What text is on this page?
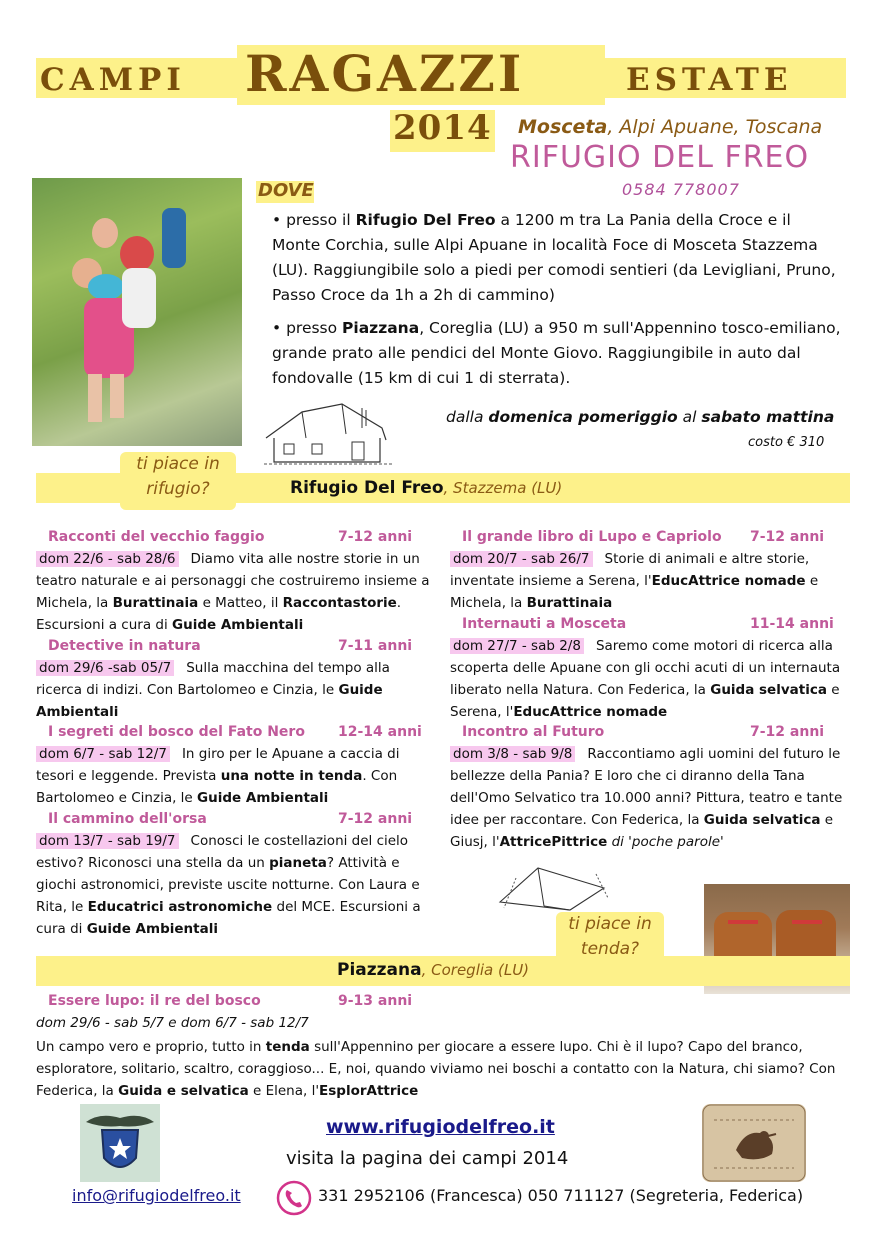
CAMPI RAGAZZI	ESTATE
2014 Mosceta, Alpi Apuane, Toscana
RIFUGIO DEL FREO
0584 778007
DOVE
• presso il Rifugio Del Freo a 1200 m tra La Pania della Croce e il Monte Corchia, sulle Alpi Apuane in località Foce di Mosceta Stazzema (LU). Raggiungibile solo a piedi per comodi sentieri (da Levigliani, Pruno, Passo Croce da 1h a 2h di cammino)
• presso Piazzana, Coreglia (LU) a 950 m sull'Appennino tosco-emiliano, grande prato alle pendici del Monte Giovo. Raggiungibile in auto dal fondovalle (15 km di cui 1 di sterrata).
dalla domenica pomeriggio al sabato mattina
costo € 310
Rifugio Del Freo, Stazzema (LU)
ti piace in
rifugio?
Racconti del vecchio faggio	7-12 anni
dom 22/6 - sab 28/6 Diamo vita alle nostre storie in un teatro naturale e ai personaggi che costruiremo insieme a Michela, la Burattinaia e Matteo, il Raccontastorie. Escursioni a cura di Guide Ambientali
Detective in natura	7-11 anni
dom 29/6 -sab 05/7 Sulla macchina del tempo alla ricerca di indizi. Con Bartolomeo e Cinzia, le Guide Ambientali
I segreti del bosco del Fato Nero 12-14 anni
dom 6/7 - sab 12/7 In giro per le Apuane a caccia di tesori e leggende. Prevista una notte in tenda. Con Bartolomeo e Cinzia, le Guide Ambientali
Il cammino dell'orsa	7-12 anni
dom 13/7 - sab 19/7 Conosci le costellazioni del cielo estivo? Riconosci una stella da un pianeta? Attività e giochi astronomici, previste uscite notturne. Con Laura e Rita, le Educatrici astronomiche del MCE. Escursioni a cura di Guide Ambientali
Il grande libro di Lupo e Capriolo 7-12 anni
dom 20/7 - sab 26/7 Storie di animali e altre storie, inventate insieme a Serena, l'EducAttrice nomade e Michela, la Burattinaia
Internauti a Mosceta	11-14 anni
dom 27/7 - sab 2/8 Saremo come motori di ricerca alla scoperta delle Apuane con gli occhi acuti di un internauta liberato nella Natura. Con Federica, la Guida selvatica e Serena, l'EducAttrice nomade
Incontro al Futuro	7-12 anni
dom 3/8 - sab 9/8 Raccontiamo agli uomini del futuro le bellezze della Pania? E loro che ci diranno della Tana dell'Omo Selvatico tra 10.000 anni? Pittura, teatro e tante idee per raccontare. Con Federica, la Guida selvatica e Giusj, l'AttricePittrice di 'poche parole'
Piazzana, Coreglia (LU)
ti piace in
tenda?
Essere lupo: il re del bosco	9-13 anni
dom 29/6 - sab 5/7 e dom 6/7 - sab 12/7
Un campo vero e proprio, tutto in tenda sull'Appennino per giocare a essere lupo. Chi è il lupo? Capo del branco, esploratore, solitario, scaltro, coraggioso... E, noi, quando viviamo nei boschi a contatto con la Natura, chi siamo? Con Federica, la Guida e selvatica e Elena, l'EsplorAttrice
www.rifugiodelfreo.it
visita la pagina dei campi 2014
info@rifugiodelfreo.it	331 2952106 (Francesca) 050 711127 (Segreteria, Federica)
